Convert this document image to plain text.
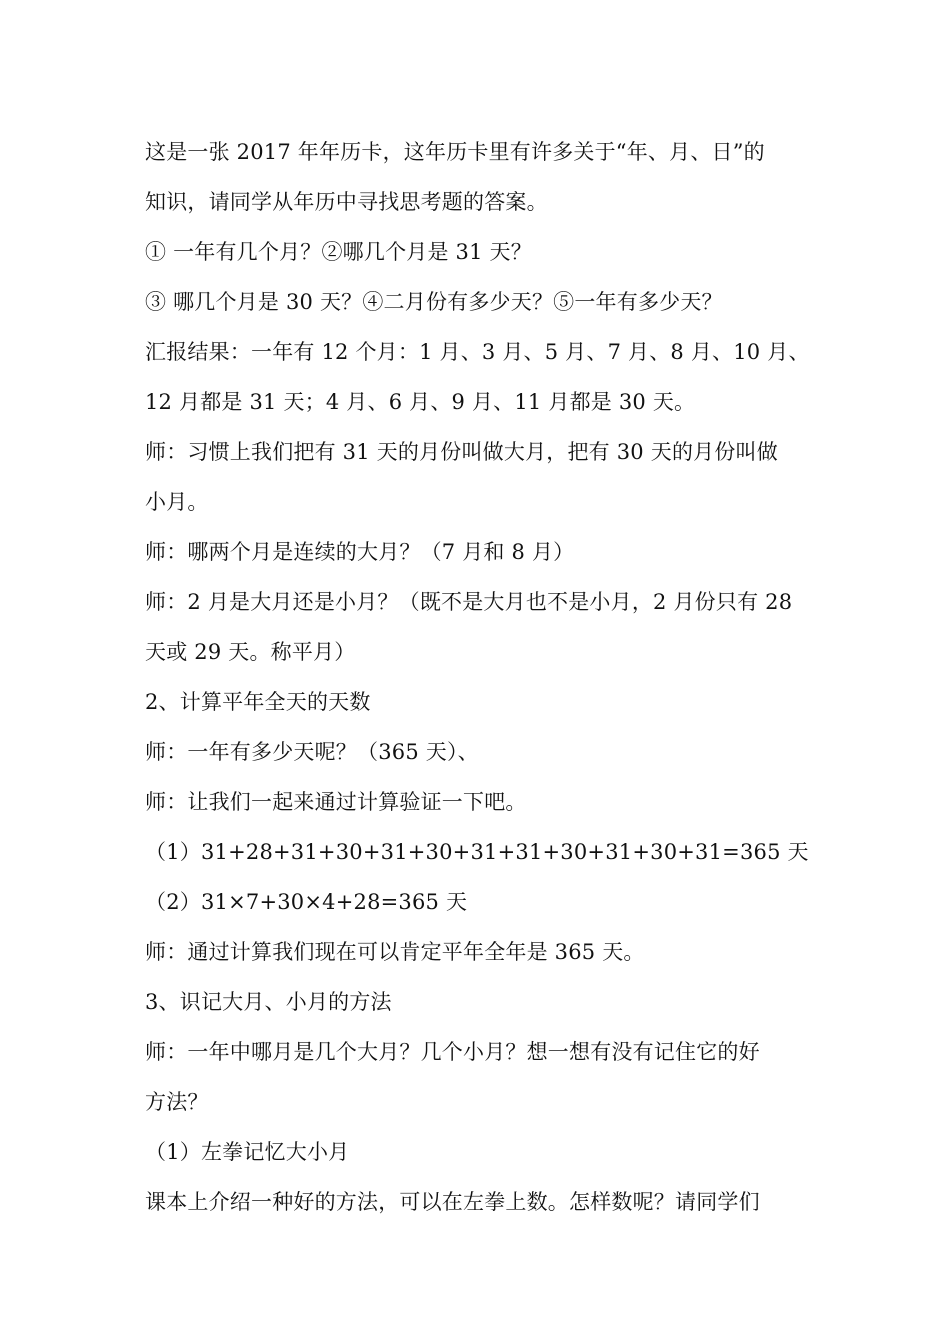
这是一张 2017 年年历卡，这年历卡里有许多关于“年、月、日”的
知识，请同学从年历中寻找思考题的答案。
① 一年有几个月？②哪几个月是 31 天？
③ 哪几个月是 30 天？④二月份有多少天？⑤一年有多少天？
汇报结果：一年有 12 个月：1 月、3 月、5 月、7 月、8 月、10 月、
12 月都是 31 天；4 月、6 月、9 月、11 月都是 30 天。
师：习惯上我们把有 31 天的月份叫做大月，把有 30 天的月份叫做
小月。
师：哪两个月是连续的大月？（7 月和 8 月）
师：2 月是大月还是小月？（既不是大月也不是小月，2 月份只有 28
天或 29 天。称平月）
2、计算平年全天的天数
师：一年有多少天呢？（365 天）、
师：让我们一起来通过计算验证一下吧。
（1）31+28+31+30+31+30+31+31+30+31+30+31=365 天
（2）31×7+30×4+28=365 天
师：通过计算我们现在可以肯定平年全年是 365 天。
3、识记大月、小月的方法
师：一年中哪月是几个大月？几个小月？想一想有没有记住它的好
方法？
（1）左拳记忆大小月
课本上介绍一种好的方法，可以在左拳上数。怎样数呢？请同学们
